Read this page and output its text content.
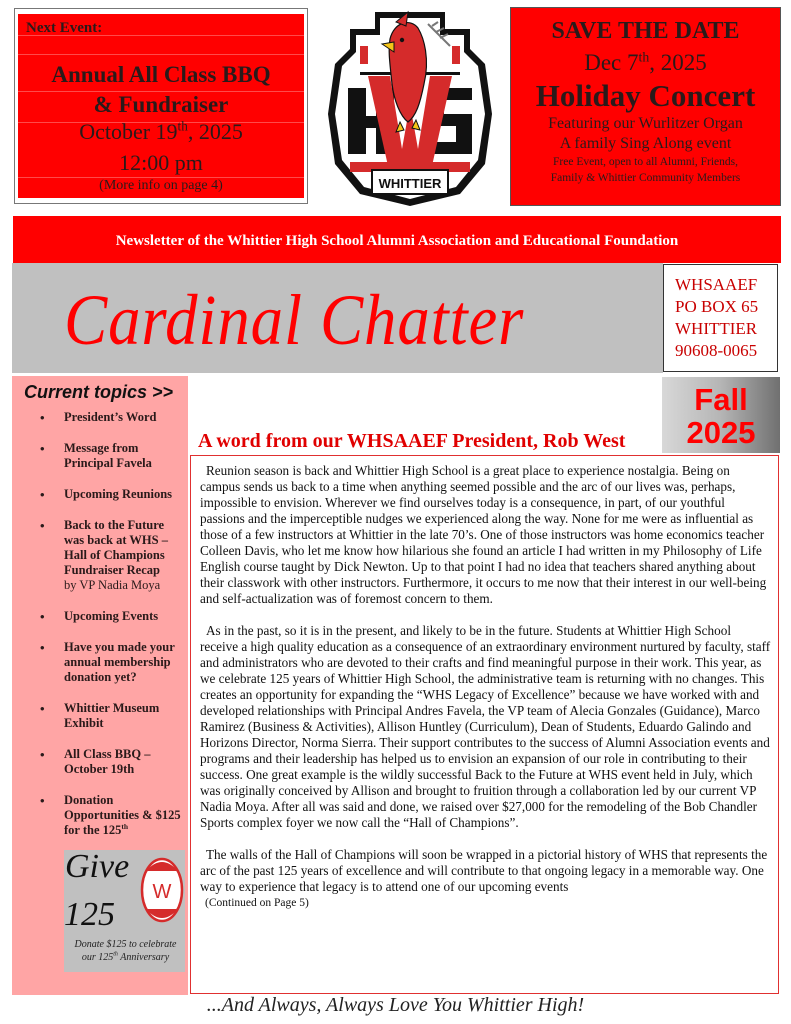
Next Event:
Annual All Class BBQ
& Fundraiser
October 19th, 2025
12:00 pm
(More info on page 4)	WHITTIER
SAVE THE DATE
Dec 7th, 2025
Holiday Concert
Featuring our Wurlitzer Organ
A family Sing Along event
Free Event, open to all Alumni, Friends,
Family & Whittier Community Members
Newsletter of the Whittier High School Alumni Association and Educational Foundation
Cardinal Chatter	WHSAAEF
PO BOX 65
WHITTIER
90608-0065
Current topics >>
• President’s Word
• Message from Principal Favela
• Upcoming Reunions
• Back to the Future was back at WHS – Hall of Champions Fundraiser Recap
by VP Nadia Moya
• Upcoming Events
• Have you made your annual membership donation yet?
• Whittier Museum Exhibit
• All Class BBQ – October 19th
• Donation Opportunities & $125 for the 125th
Give
125
W
Donate $125 to celebrate
our 125th Anniversary
Fall
2025
A word from our WHSAAEF President, Rob West

Reunion season is back and Whittier High School is a great place to experience nostalgia. Being on campus sends us back to a time when anything seemed possible and the arc of our lives was, perhaps, impossible to envision. Wherever we find ourselves today is a consequence, in part, of our youthful passions and the imperceptible nudges we experienced along the way. None for me were as influential as those of a few instructors at Whittier in the late 70’s. One of those instructors was home economics teacher Colleen Davis, who let me know how hilarious she found an article I had written in my Philosophy of Life English course taught by Dick Newton. Up to that point I had no idea that teachers shared anything about their classwork with other instructors. Furthermore, it occurs to me now that their interest in our well-being and self-actualization was of foremost concern to them.

As in the past, so it is in the present, and likely to be in the future. Students at Whittier High School receive a high quality education as a consequence of an extraordinary environment nurtured by faculty, staff and administrators who are devoted to their crafts and find meaningful purpose in their work. This year, as we celebrate 125 years of Whittier High School, the administrative team is returning with no changes. This creates an opportunity for expanding the “WHS Legacy of Excellence” because we have worked with and developed relationships with Principal Andres Favela, the VP team of Alecia Gonzales (Guidance), Marco Ramirez (Business & Activities), Allison Huntley (Curriculum), Dean of Students, Eduardo Galindo and Horizons Director, Norma Sierra. Their support contributes to the success of Alumni Association events and programs and their leadership has helped us to envision an expansion of our role in contributing to their success. One great example is the wildly successful Back to the Future at WHS event held in July, which was originally conceived by Allison and brought to fruition through a collaboration led by our current VP Nadia Moya. After all was said and done, we raised over $27,000 for the remodeling of the Bob Chandler Sports complex foyer we now call the “Hall of Champions”.

The walls of the Hall of Champions will soon be wrapped in a pictorial history of WHS that represents the arc of the past 125 years of excellence and will contribute to that ongoing legacy in a memorable way. One way to experience that legacy is to attend one of our upcoming events

(Continued on Page 5)
...And Always, Always Love You Whittier High!
